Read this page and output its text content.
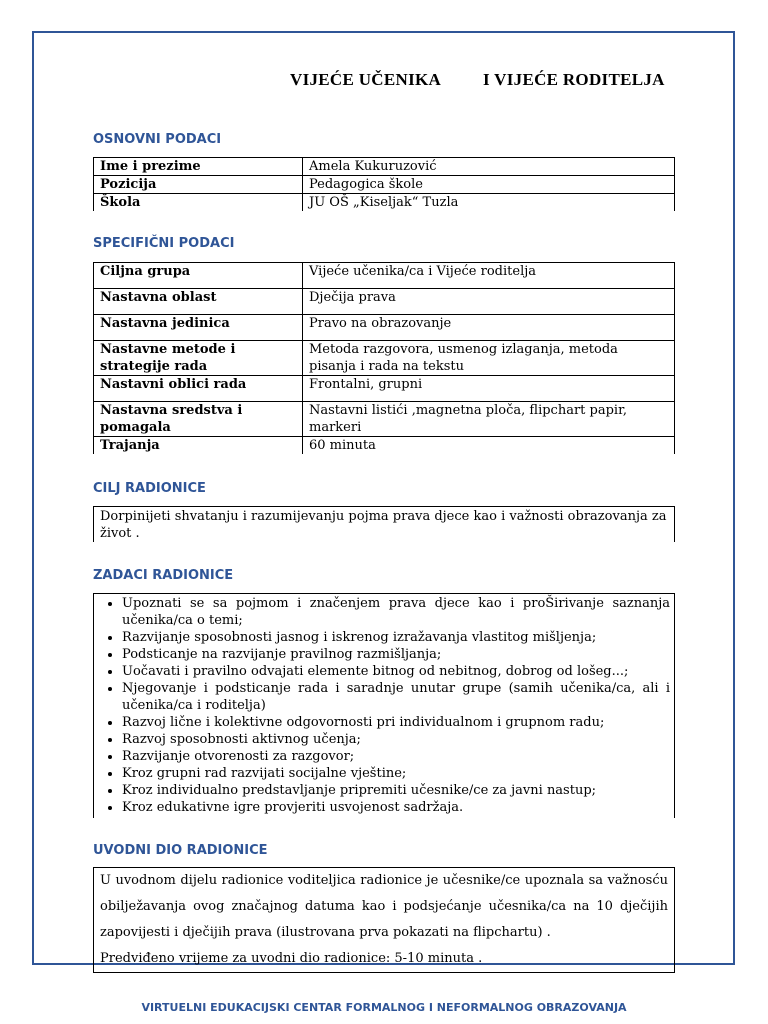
VIJEĆE UČENIKA I VIJEĆE RODITELJA
OSNOVNI PODACI
Ime i prezime	Amela Kukuruzović
Pozicija	Pedagogica škole
Škola	JU OŠ „Kiseljak“ Tuzla
SPECIFIČNI PODACI
Ciljna grupa	Vijeće učenika/ca i Vijeće roditelja
Nastavna oblast	Dječija prava
Nastavna jedinica	Pravo na obrazovanje
Nastavne metode i strategije rada	Metoda razgovora, usmenog izlaganja, metoda pisanja i rada na tekstu
Nastavni oblici rada	Frontalni, grupni
Nastavna sredstva i pomagala	Nastavni listići ,magnetna ploča, flipchart papir, markeri
Trajanja	60 minuta
CILJ RADIONICE

Dorpinijeti shvatanju i razumijevanju pojma prava djece kao i važnosti obrazovanja za život .

ZADACI RADIONICE
• Upoznati se sa pojmom i značenjem prava djece kao i proŠirivanje saznanja učenika/ca o temi;
• Razvijanje sposobnosti jasnog i iskrenog izražavanja vlastitog mišljenja;
• Podsticanje na razvijanje pravilnog razmišljanja;
• Uočavati i pravilno odvajati elemente bitnog od nebitnog, dobrog od lošeg...;
• Njegovanje i podsticanje rada i saradnje unutar grupe (samih učenika/ca, ali i učenika/ca i roditelja)
• Razvoj lične i kolektivne odgovornosti pri individualnom i grupnom radu;
• Razvoj sposobnosti aktivnog učenja;
• Razvijanje otvorenosti za razgovor;
• Kroz grupni rad razvijati socijalne vještine;
• Kroz individualno predstavljanje pripremiti učesnike/ce za javni nastup;
• Kroz edukativne igre provjeriti usvojenost sadržaja.
UVODNI DIO RADIONICE

U uvodnom dijelu radionice voditeljica radionice je učesnike/ce upoznala sa važnosću obilježavanja ovog značajnog datuma kao i podsjećanje učesnika/ca na 10 dječijih zapovijesti i dječijih prava (ilustrovana prva pokazati na flipchartu) .

Predviđeno vrijeme za uvodni dio radionice: 5-10 minuta .

VIRTUELNI EDUKACIJSKI CENTAR FORMALNOG I NEFORMALNOG OBRAZOVANJA
